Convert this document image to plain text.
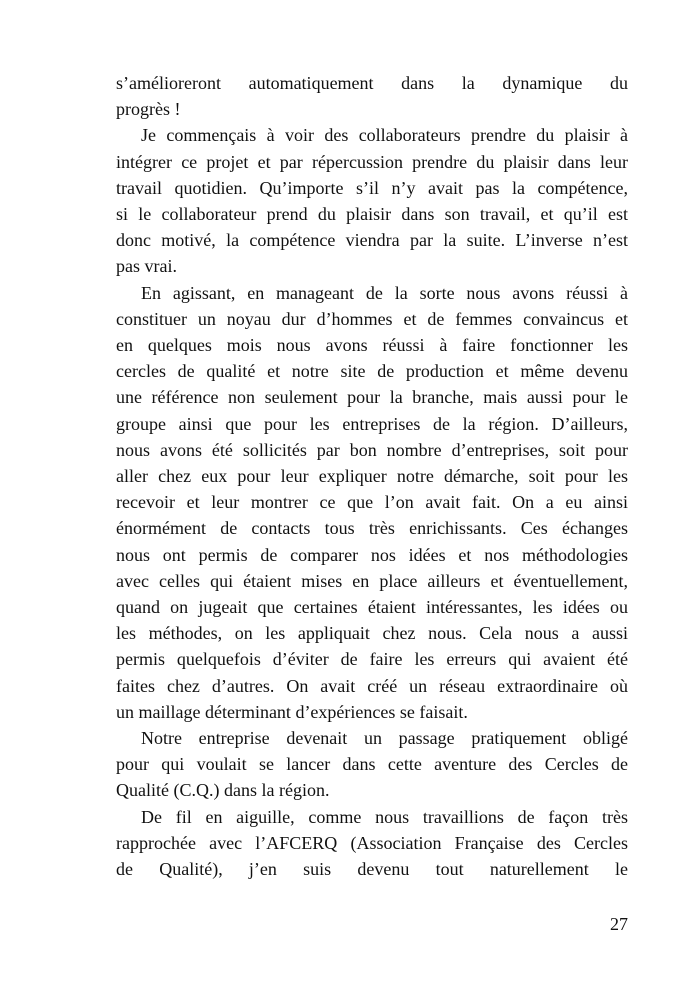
s’amélioreront automatiquement dans la dynamique du
progrès !

Je commençais à voir des collaborateurs prendre du plaisir à
intégrer ce projet et par répercussion prendre du plaisir dans leur
travail quotidien. Qu’importe s’il n’y avait pas la compétence,
si le collaborateur prend du plaisir dans son travail, et qu’il est
donc motivé, la compétence viendra par la suite. L’inverse n’est
pas vrai.

En agissant, en manageant de la sorte nous avons réussi à
constituer un noyau dur d’hommes et de femmes convaincus et
en quelques mois nous avons réussi à faire fonctionner les
cercles de qualité et notre site de production et même devenu
une référence non seulement pour la branche, mais aussi pour le
groupe ainsi que pour les entreprises de la région. D’ailleurs,
nous avons été sollicités par bon nombre d’entreprises, soit pour
aller chez eux pour leur expliquer notre démarche, soit pour les
recevoir et leur montrer ce que l’on avait fait. On a eu ainsi
énormément de contacts tous très enrichissants. Ces échanges
nous ont permis de comparer nos idées et nos méthodologies
avec celles qui étaient mises en place ailleurs et éventuellement,
quand on jugeait que certaines étaient intéressantes, les idées ou
les méthodes, on les appliquait chez nous. Cela nous a aussi
permis quelquefois d’éviter de faire les erreurs qui avaient été
faites chez d’autres. On avait créé un réseau extraordinaire où
un maillage déterminant d’expériences se faisait.

Notre entreprise devenait un passage pratiquement obligé
pour qui voulait se lancer dans cette aventure des Cercles de
Qualité (C.Q.) dans la région.

De fil en aiguille, comme nous travaillions de façon très
rapprochée avec l’AFCERQ (Association Française des Cercles
de Qualité), j’en suis devenu tout naturellement le

27
